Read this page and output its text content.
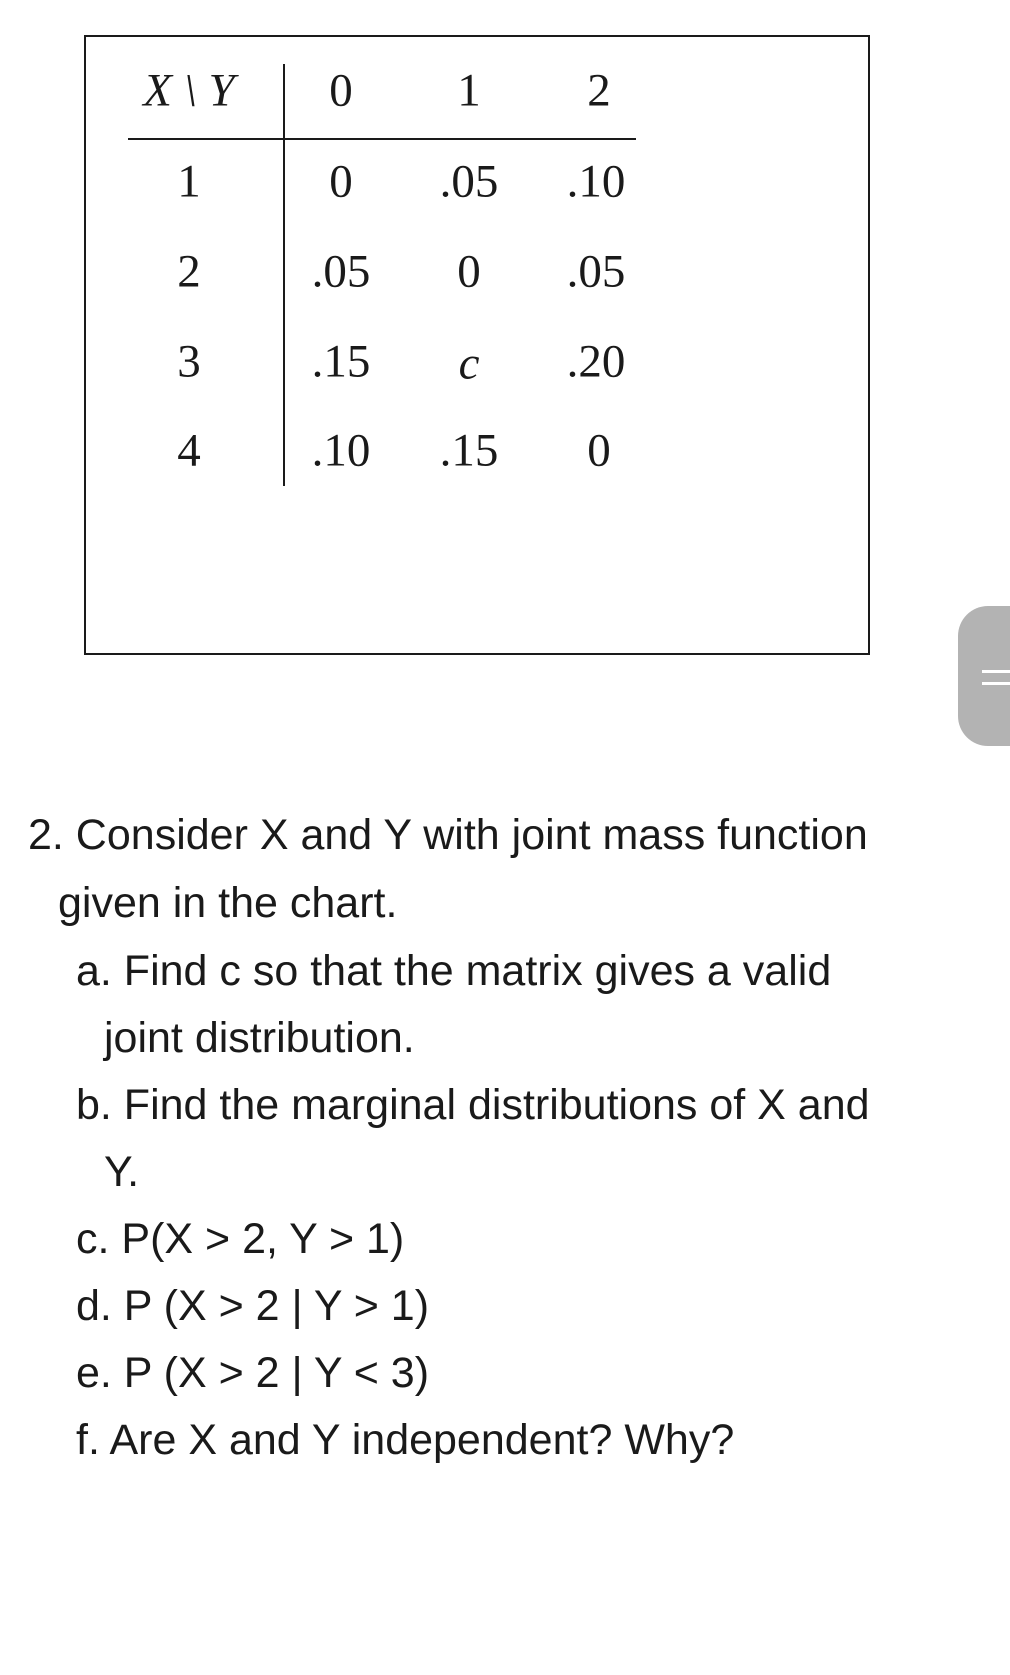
X \ Y 0 1 2
1	0 .05 .10
2 .05 0 .05
3 .15 c .20
4 .10 .15 0
2. Consider X and Y with joint mass function
given in the chart.
a. Find c so that the matrix gives a valid
joint distribution.
b. Find the marginal distributions of X and
Y.
c. P(X > 2, Y > 1)
d. P (X > 2 | Y > 1)
e. P (X > 2 | Y < 3)
f. Are X and Y independent? Why?
